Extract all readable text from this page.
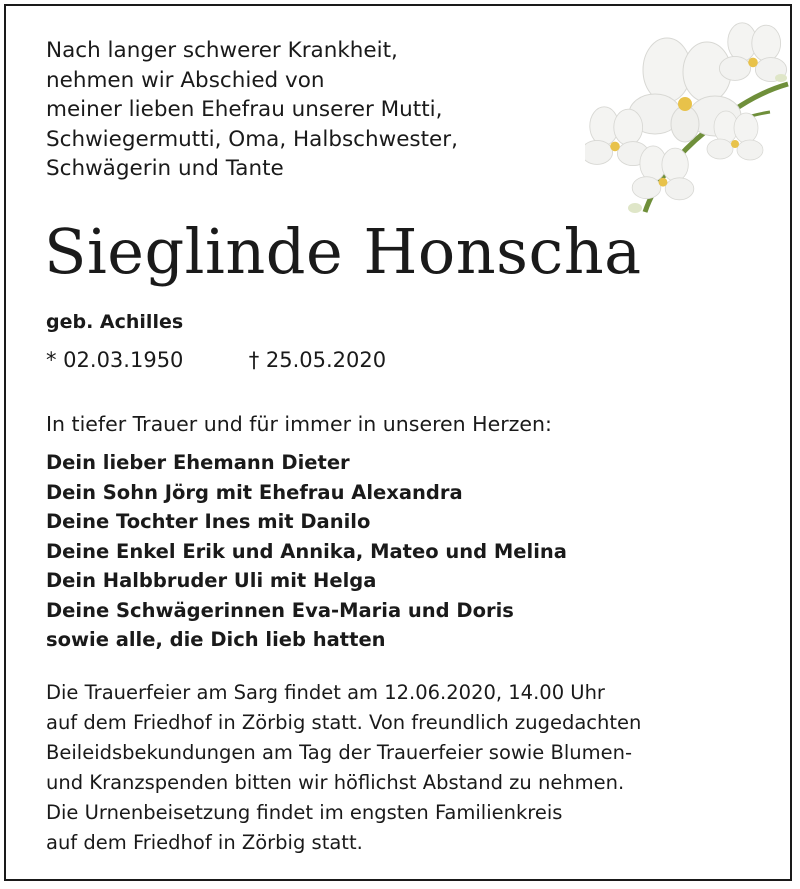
Nach langer schwerer Krankheit,
nehmen wir Abschied von
meiner lieben Ehefrau unserer Mutti,
Schwiegermutti, Oma, Halbschwester,
Schwägerin und Tante
Sieglinde Honscha
geb. Achilles
* 02.03.1950	† 25.05.2020
In tiefer Trauer und für immer in unseren Herzen:
Dein lieber Ehemann Dieter
Dein Sohn Jörg mit Ehefrau Alexandra
Deine Tochter Ines mit Danilo
Deine Enkel Erik und Annika, Mateo und Melina
Dein Halbbruder Uli mit Helga
Deine Schwägerinnen Eva-Maria und Doris
sowie alle, die Dich lieb hatten
Die Trauerfeier am Sarg findet am 12.06.2020, 14.00 Uhr
auf dem Friedhof in Zörbig statt. Von freundlich zugedachten
Beileidsbekundungen am Tag der Trauerfeier sowie Blumen-
und Kranzspenden bitten wir höflichst Abstand zu nehmen.
Die Urnenbeisetzung findet im engsten Familienkreis
auf dem Friedhof in Zörbig statt.
